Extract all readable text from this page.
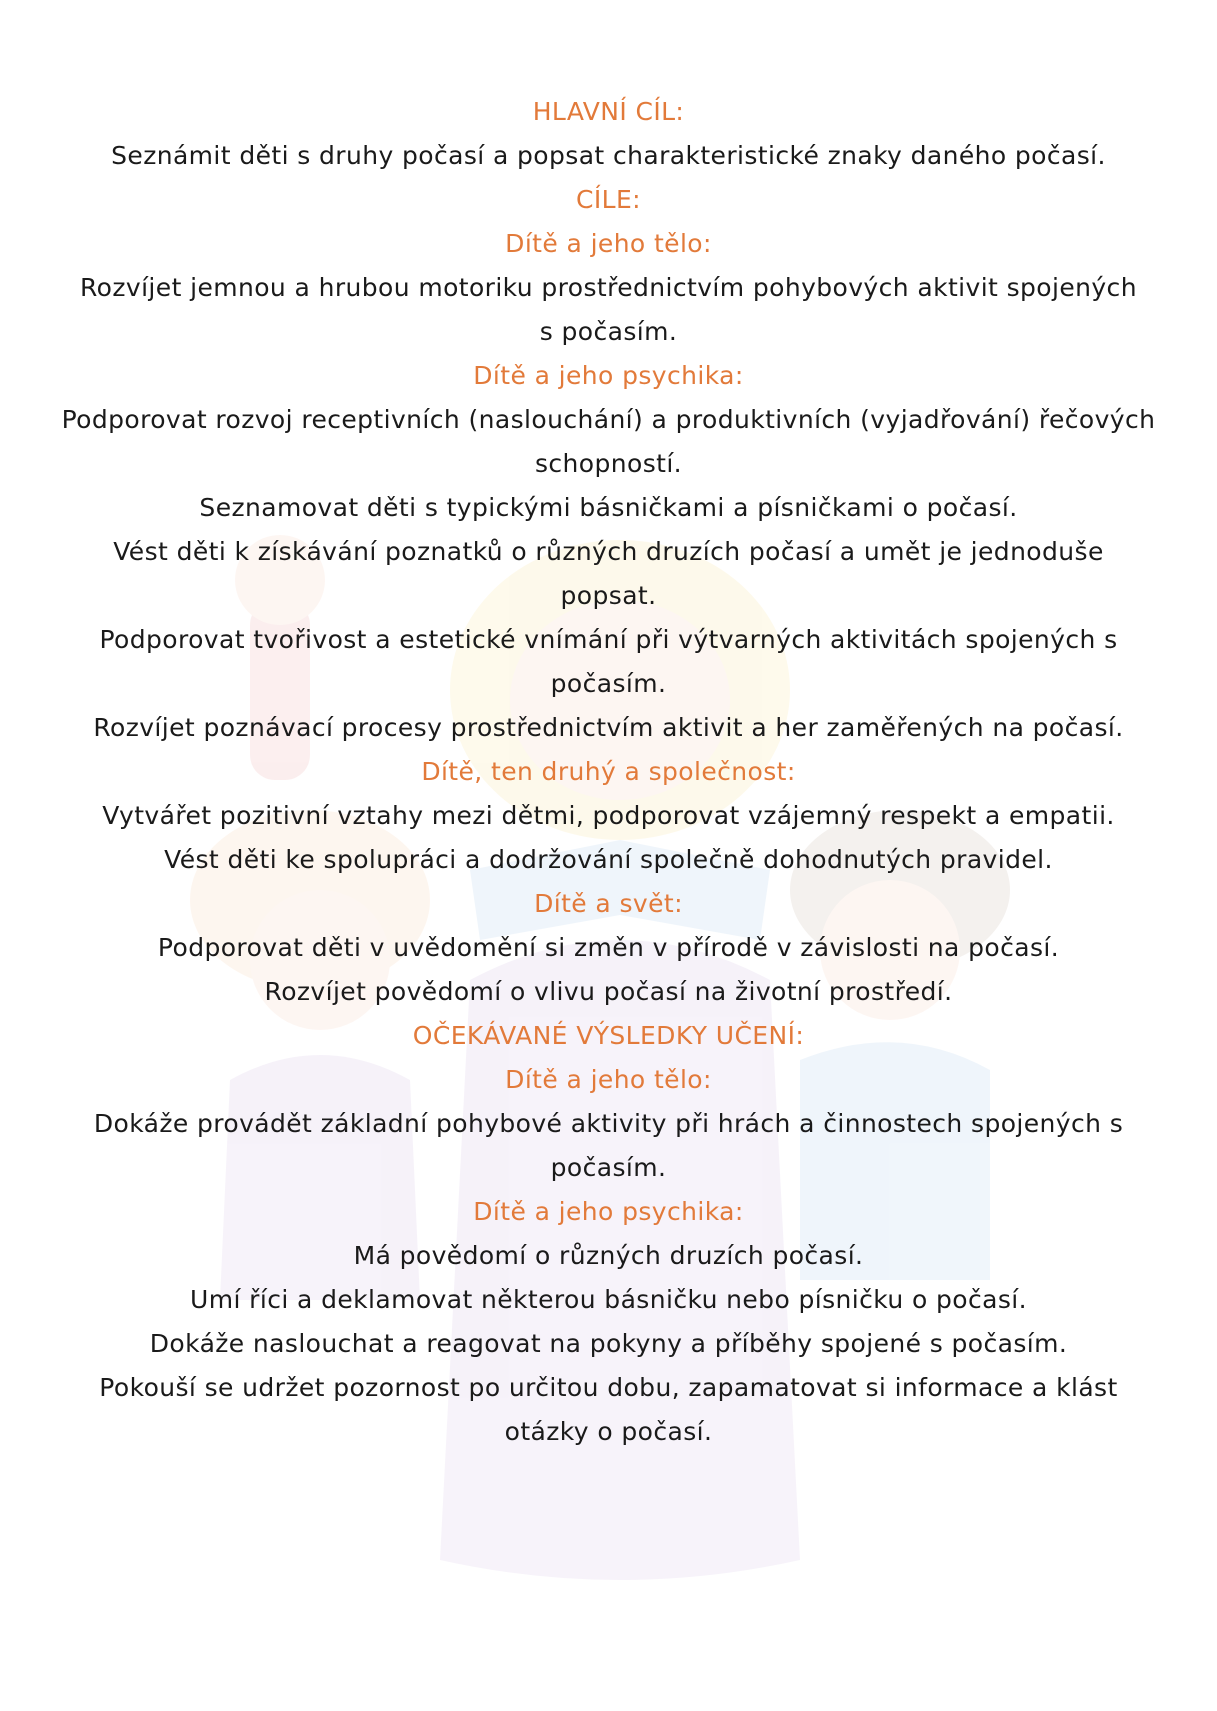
HLAVNÍ CÍL:
Seznámit děti s druhy počasí a popsat charakteristické znaky daného počasí.
CÍLE:
Dítě a jeho tělo:
Rozvíjet jemnou a hrubou motoriku prostřednictvím pohybových aktivit spojených
s počasím.
Dítě a jeho psychika:
Podporovat rozvoj receptivních (naslouchání) a produktivních (vyjadřování) řečových
schopností.
Seznamovat děti s typickými básničkami a písničkami o počasí.
Vést děti k získávání poznatků o různých druzích počasí a umět je jednoduše
popsat.
Podporovat tvořivost a estetické vnímání při výtvarných aktivitách spojených s
počasím.
Rozvíjet poznávací procesy prostřednictvím aktivit a her zaměřených na počasí.
Dítě, ten druhý a společnost:
Vytvářet pozitivní vztahy mezi dětmi, podporovat vzájemný respekt a empatii.
Vést děti ke spolupráci a dodržování společně dohodnutých pravidel.
Dítě a svět:
Podporovat děti v uvědomění si změn v přírodě v závislosti na počasí.
Rozvíjet povědomí o vlivu počasí na životní prostředí.
OČEKÁVANÉ VÝSLEDKY UČENÍ:
Dítě a jeho tělo:
Dokáže provádět základní pohybové aktivity při hrách a činnostech spojených s
počasím.
Dítě a jeho psychika:
Má povědomí o různých druzích počasí.
Umí říci a deklamovat některou básničku nebo písničku o počasí.
Dokáže naslouchat a reagovat na pokyny a příběhy spojené s počasím.
Pokouší se udržet pozornost po určitou dobu, zapamatovat si informace a klást
otázky o počasí.
